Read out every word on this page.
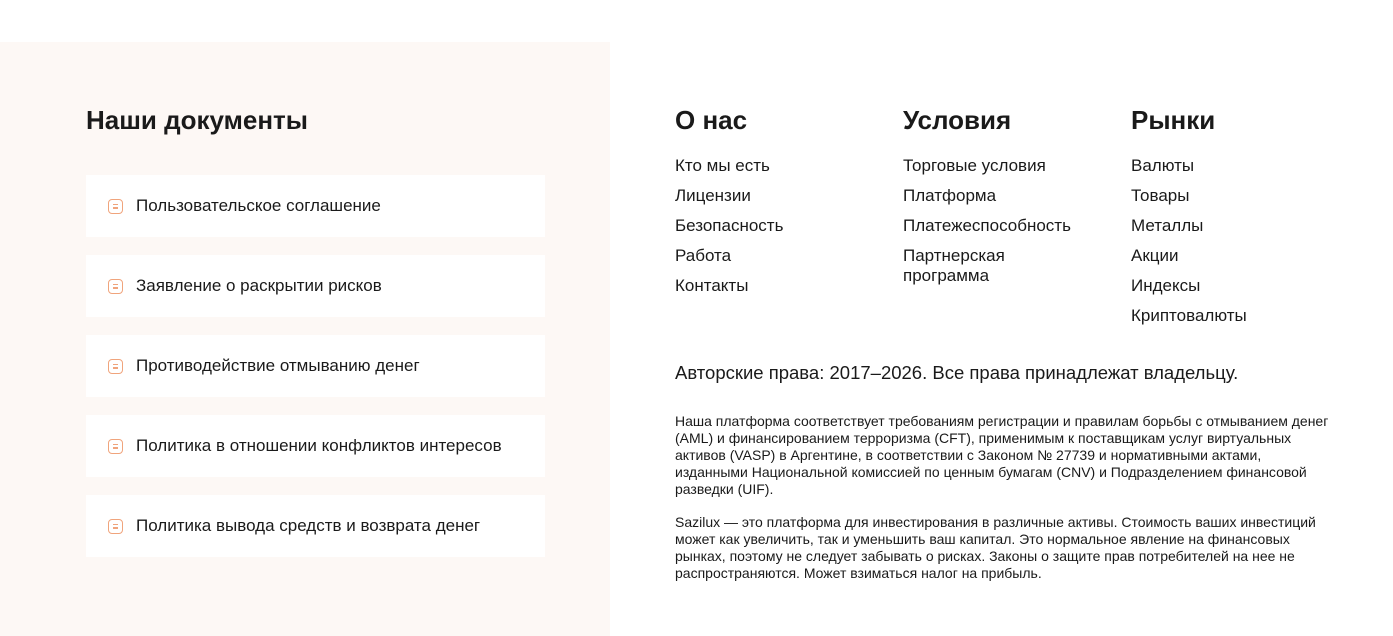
Наши документы
Пользовательское соглашение
Заявление о раскрытии рисков
Противодействие отмыванию денег
Политика в отношении конфликтов интересов
Политика вывода средств и возврата денег
О нас
Кто мы есть
Лицензии
Безопасность
Работа
Контакты
Условия
Торговые условия
Платформа
Платежеспособность
Партнерская программа
Рынки
Валюты
Товары
Металлы
Акции
Индексы
Криптовалюты

Авторские права: 2017–2026. Все права принадлежат владельцу.

Наша платформа соответствует требованиям регистрации и правилам борьбы с отмыванием денег (AML) и финансированием терроризма (CFT), применимым к поставщикам услуг виртуальных активов (VASP) в Аргентине, в соответствии с Законом № 27739 и нормативными актами, изданными Национальной комиссией по ценным бумагам (CNV) и Подразделением финансовой разведки (UIF).

Sazilux — это платформа для инвестирования в различные активы. Стоимость ваших инвестиций может как увеличить, так и уменьшить ваш капитал. Это нормальное явление на финансовых рынках, поэтому не следует забывать о рисках. Законы о защите прав потребителей на нее не распространяются. Может взиматься налог на прибыль.
